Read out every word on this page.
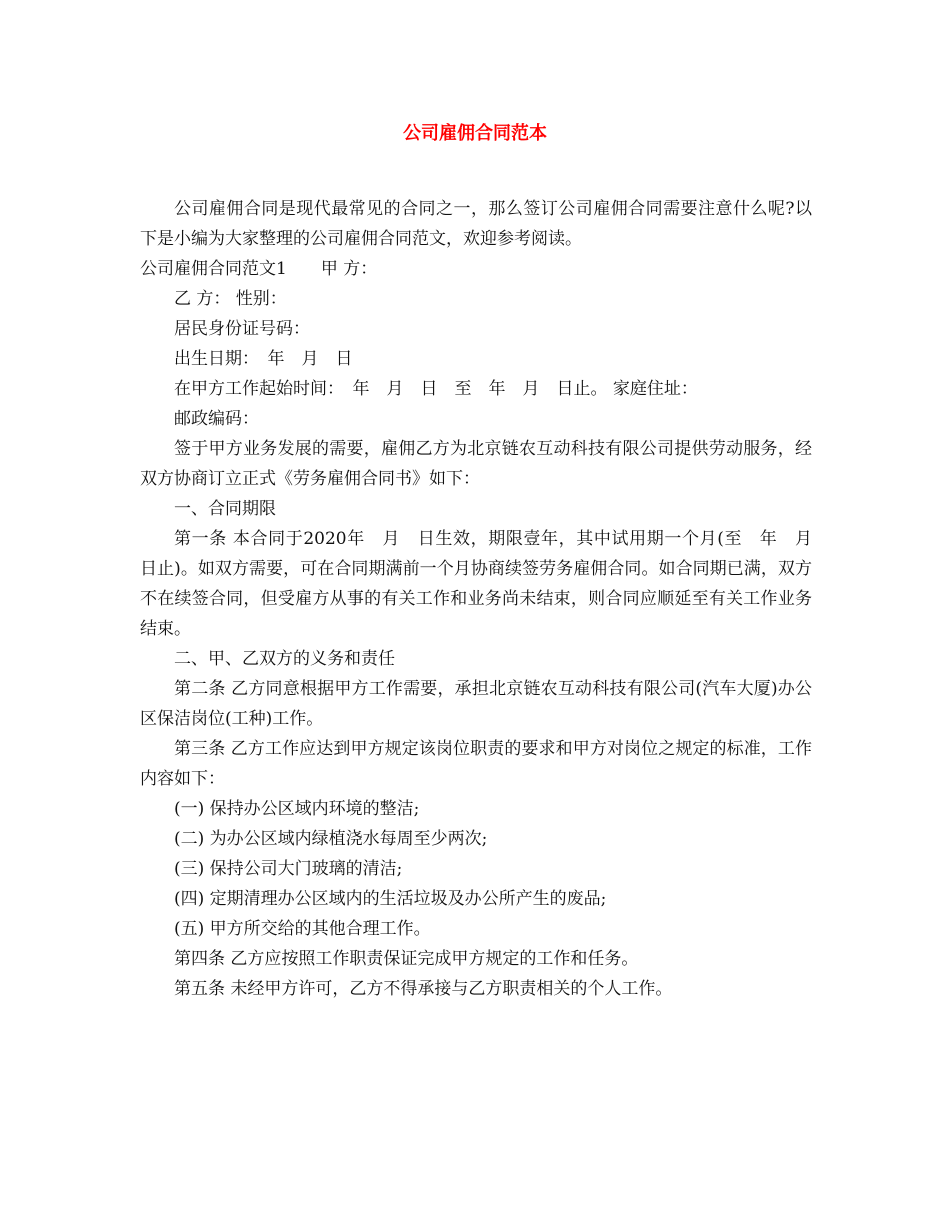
公司雇佣合同范本

公司雇佣合同是现代最常见的合同之一，那么签订公司雇佣合同需要注意什么呢?以下是小编为大家整理的公司雇佣合同范文，欢迎参考阅读。

公司雇佣合同范文1　　甲 方：

乙 方： 性别：

居民身份证号码：

出生日期：　年　月　日

在甲方工作起始时间：　年　月　日　至　年　月　日止。 家庭住址：

邮政编码：

签于甲方业务发展的需要，雇佣乙方为北京链农互动科技有限公司提供劳动服务，经双方协商订立正式《劳务雇佣合同书》如下：

一、合同期限

第一条 本合同于2020年　月　日生效，期限壹年，其中试用期一个月(至　年　月　日止)。如双方需要，可在合同期满前一个月协商续签劳务雇佣合同。如合同期已满，双方不在续签合同，但受雇方从事的有关工作和业务尚未结束，则合同应顺延至有关工作业务结束。

二、甲、乙双方的义务和责任

第二条 乙方同意根据甲方工作需要，承担北京链农互动科技有限公司(汽车大厦)办公区保洁岗位(工种)工作。

第三条 乙方工作应达到甲方规定该岗位职责的要求和甲方对岗位之规定的标准，工作内容如下：

(一) 保持办公区域内环境的整洁;

(二) 为办公区域内绿植浇水每周至少两次;

(三) 保持公司大门玻璃的清洁;

(四) 定期清理办公区域内的生活垃圾及办公所产生的废品;

(五) 甲方所交给的其他合理工作。

第四条 乙方应按照工作职责保证完成甲方规定的工作和任务。

第五条 未经甲方许可，乙方不得承接与乙方职责相关的个人工作。
